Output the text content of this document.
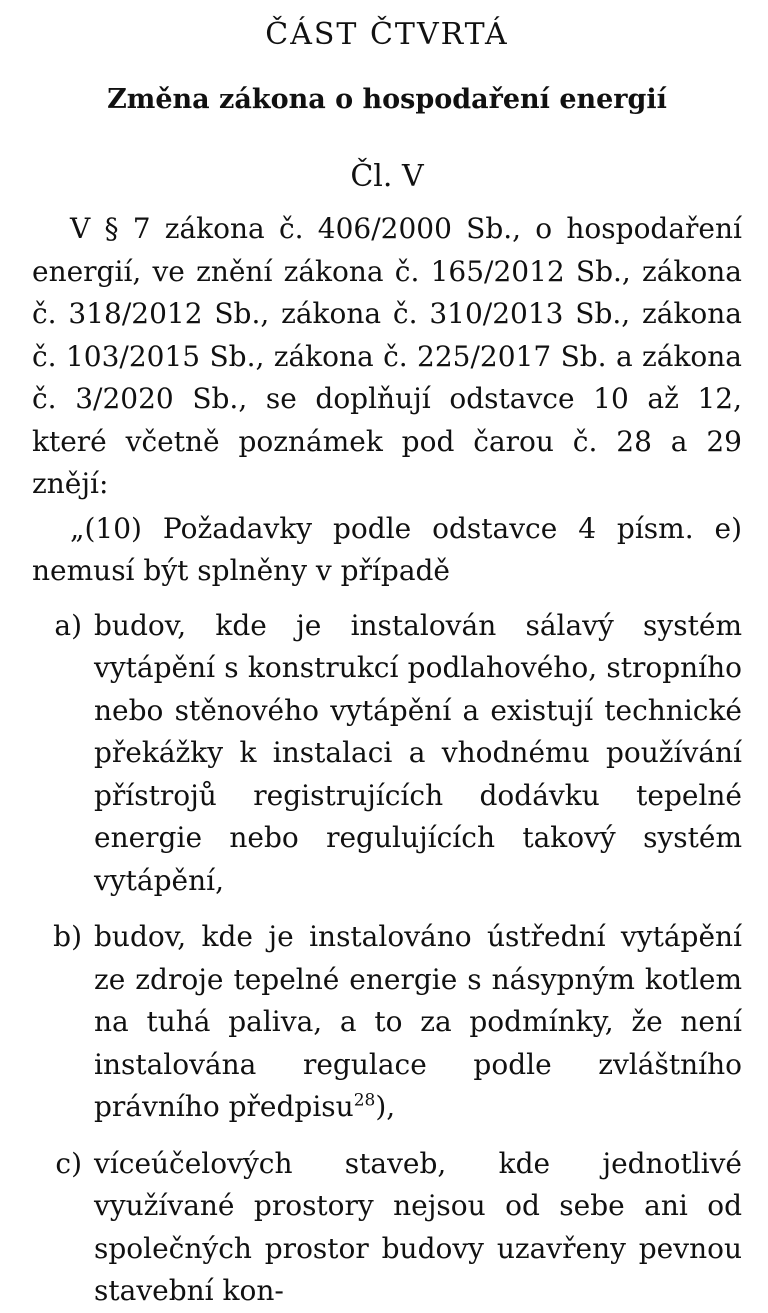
ČÁST ČTVRTÁ
Změna zákona o hospodaření energií
Čl. V

V § 7 zákona č. 406/2000 Sb., o hospodaření energií, ve znění zákona č. 165/2012 Sb., zákona č. 318/2012 Sb., zákona č. 310/2013 Sb., zákona č. 103/2015 Sb., zákona č. 225/2017 Sb. a zákona č. 3/2020 Sb., se doplňují odstavce 10 až 12, které včetně poznámek pod čarou č. 28 a 29 znějí:

„(10) Požadavky podle odstavce 4 písm. e) nemusí být splněny v případě

a) budov, kde je instalován sálavý systém vytápění s konstrukcí podlahového, stropního nebo stěnového vytápění a existují technické překážky k instalaci a vhodnému používání přístrojů registrujících dodávku tepelné energie nebo regulujících takový systém vytápění,
b) budov, kde je instalováno ústřední vytápění ze zdroje tepelné energie s násypným kotlem na tuhá paliva, a to za podmínky, že není instalována regulace podle zvláštního právního předpisu$^{28}$),
c) víceúčelových staveb, kde jednotlivé využívané prostory nejsou od sebe ani od společných prostor budovy uzavřeny pevnou stavební kon-
